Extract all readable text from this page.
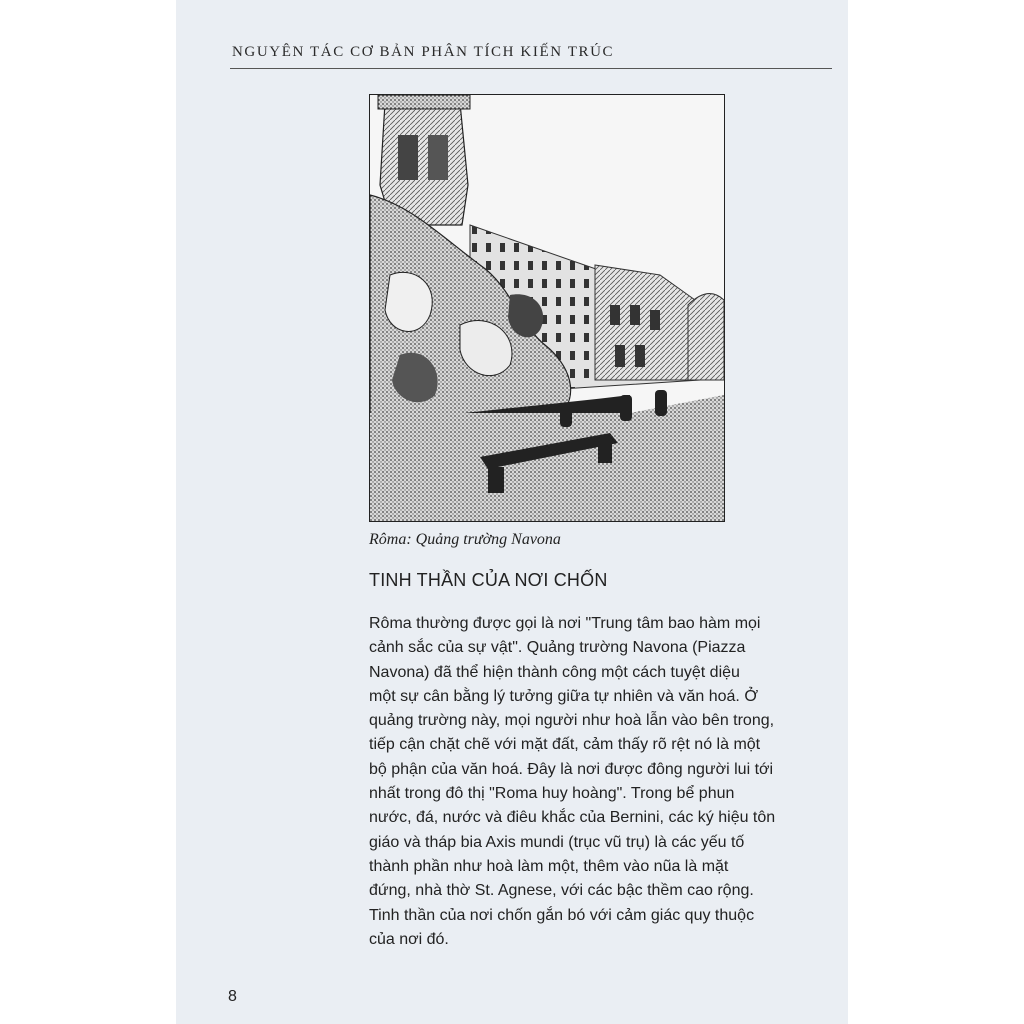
NGUYÊN TÁC CƠ BẢN PHÂN TÍCH KIẾN TRÚC
Rôma: Quảng trường Navona
TINH THẦN CỦA NƠI CHỐN
Rôma thường được gọi là nơi "Trung tâm bao hàm mọi
cảnh sắc của sự vật". Quảng trường Navona (Piazza
Navona) đã thể hiện thành công một cách tuyệt diệu
một sự cân bằng lý tưởng giữa tự nhiên và văn hoá. Ở
quảng trường này, mọi người như hoà lẫn vào bên trong,
tiếp cận chặt chẽ với mặt đất, cảm thấy rõ rệt nó là một
bộ phận của văn hoá. Đây là nơi được đông người lui tới
nhất trong đô thị "Roma huy hoàng". Trong bể phun
nước, đá, nước và điêu khắc của Bernini, các ký hiệu tôn
giáo và tháp bia Axis mundi (trục vũ trụ) là các yếu tố
thành phần như hoà làm một, thêm vào nũa là mặt
đứng, nhà thờ St. Agnese, với các bậc thềm cao rộng.
Tinh thần của nơi chốn gắn bó với cảm giác quy thuộc
của nơi đó.
8
